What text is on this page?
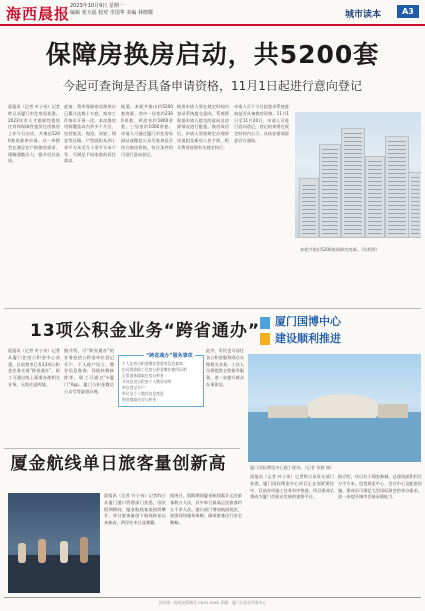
海西晨报 2023年10月9日 星期一
编辑 张天福 校对 李国华 美编 林晓耀	城市读本	A3
保障房换房启动，共5200套
今起可查询是否具备申请资格，11月1日起进行意向登记
晨报讯（记者 叶子帝）记者昨日从厦门市住房局获悉，2023年市人才保障性租赁住房和保障性租赁住房换房工作今日启动，共推出5200套房源供申请。这一举措旨在满足住户的换房需求，缓解通勤压力，提升居住品质。
此前，我市保障房房源供应已累计达数十万套，换房工作每年开展一次。本次换房房源覆盖岛内外多个片区，包括集美、海沧、同安、翔安等区域，户型面积从四十余平方米至九十余平方米不等，可满足不同家庭的居住需求。
据悉，本轮共推出约5200套房源，其中一居室约2300余套，两居室约1800余套，三居室约1000余套。申请人可通过厦门市住房局网站或微信公众号查询是否符合换房资格，符合条件的可进行意向登记。
换房申请人须在规定时间内登录系统提交意向，系统将根据申请人提交的意向及房源情况进行配租。换房成功后，申请人须按规定办理原房退租及新房入住手续，相关费用按照有关规定执行。
申请人可于今日起登录系统查询是否具备换房资格。11月1日至11月20日，申请人可进行意向登记，登记结果将在规定时间内公示，具体安排请留意官方通知。
本轮共推出5200套保障房房源。（资料图）
13项公积金业务“跨省通办”
晨报讯（记者 叶子帝）记者从厦门住房公积金中心获悉，目前我市已有13项公积金业务实现“跨省通办”，职工可通过线上渠道办理相关业务，无需往返两地。
据介绍，可“跨省通办”的业务包括公积金单位登记开户、个人账户设立、缴存信息查询、异地转移接续等，职工可通过“e厦门”App、厦门公积金微信公众号等渠道办理。
此外，市民也可前往各公积金服务网点办理相关业务，工作人员将提供全程指导服务，进一步提升群众办事体验。
“跨省通办”服务事项
个人住房公积金缴存贷款等信息查询
出具贷款职工住房公积金缴存使用证明
正常退休提取住房公积金
开具住房公积金个人缴存证明
单位登记开户
单位及个人缴存信息变更
购房提取住房公积金
厦门国博中心
建设顺利推进
厦门国际博览中心施工现场。（记者 张雅 摄）
晨报讯（记者 叶子帝）记者昨日从有关部门获悉，厦门国际博览中心项目正在加紧建设中，目前各项施工任务有序推进。项目建成后将成为厦门会展业发展的重要平台。
据介绍，项目位于翔安新城，总建筑面积约百万平方米，包括展览中心、会议中心及配套设施，建成后可满足大型国际展会的举办需求，进一步提升城市会展承载能力。
厦金航线单日旅客量创新高
晨报讯（记者 叶子帝）记者昨日从厦门港口管理部门获悉，国庆假期期间，厦金航线客流持续攀升，单日旅客量创下航线恢复以来新高，两岸往来日益频繁。
据统计，假期期间厦金航线累计运送旅客数万人次，其中单日最高运送旅客约五千余人次。港口部门增加航班班次，加强现场服务保障，确保旅客出行安全顺畅。
国内统一连续出版物号 CN35-0065 印刷：厦门日报社印务中心
